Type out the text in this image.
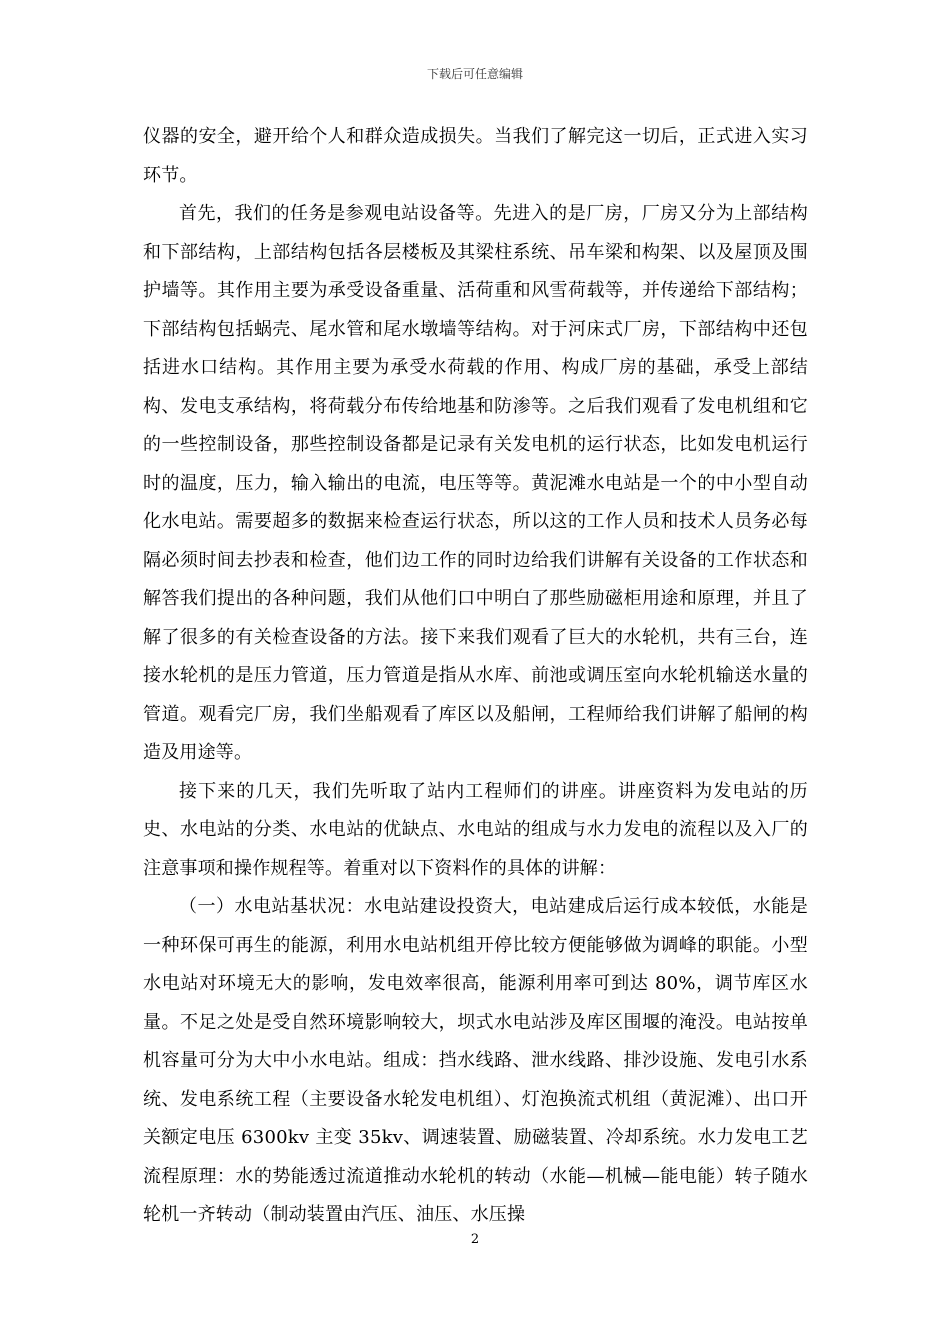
下载后可任意编辑

仪器的安全，避开给个人和群众造成损失。当我们了解完这一切后，正式进入实习环节。

首先，我们的任务是参观电站设备等。先进入的是厂房，厂房又分为上部结构和下部结构，上部结构包括各层楼板及其梁柱系统、吊车梁和构架、以及屋顶及围护墙等。其作用主要为承受设备重量、活荷重和风雪荷载等，并传递给下部结构；下部结构包括蜗壳、尾水管和尾水墩墙等结构。对于河床式厂房，下部结构中还包括进水口结构。其作用主要为承受水荷载的作用、构成厂房的基础，承受上部结构、发电支承结构，将荷载分布传给地基和防渗等。之后我们观看了发电机组和它的一些控制设备，那些控制设备都是记录有关发电机的运行状态，比如发电机运行时的温度，压力，输入输出的电流，电压等等。黄泥滩水电站是一个的中小型自动化水电站。需要超多的数据来检查运行状态，所以这的工作人员和技术人员务必每隔必须时间去抄表和检查，他们边工作的同时边给我们讲解有关设备的工作状态和解答我们提出的各种问题，我们从他们口中明白了那些励磁柜用途和原理，并且了解了很多的有关检查设备的方法。接下来我们观看了巨大的水轮机，共有三台，连接水轮机的是压力管道，压力管道是指从水库、前池或调压室向水轮机输送水量的管道。观看完厂房，我们坐船观看了库区以及船闸，工程师给我们讲解了船闸的构造及用途等。

接下来的几天，我们先听取了站内工程师们的讲座。讲座资料为发电站的历史、水电站的分类、水电站的优缺点、水电站的组成与水力发电的流程以及入厂的注意事项和操作规程等。着重对以下资料作的具体的讲解：

（一）水电站基状况：水电站建设投资大，电站建成后运行成本较低，水能是一种环保可再生的能源，利用水电站机组开停比较方便能够做为调峰的职能。小型水电站对环境无大的影响，发电效率很高，能源利用率可到达 80%，调节库区水量。不足之处是受自然环境影响较大，坝式水电站涉及库区围堰的淹没。电站按单机容量可分为大中小水电站。组成：挡水线路、泄水线路、排沙设施、发电引水系统、发电系统工程（主要设备水轮发电机组）、灯泡换流式机组（黄泥滩）、出口开关额定电压 6300kv 主变 35kv、调速装置、励磁装置、冷却系统。水力发电工艺流程原理：水的势能透过流道推动水轮机的转动（水能—机械—能电能）转子随水轮机一齐转动（制动装置由汽压、油压、水压操

2
